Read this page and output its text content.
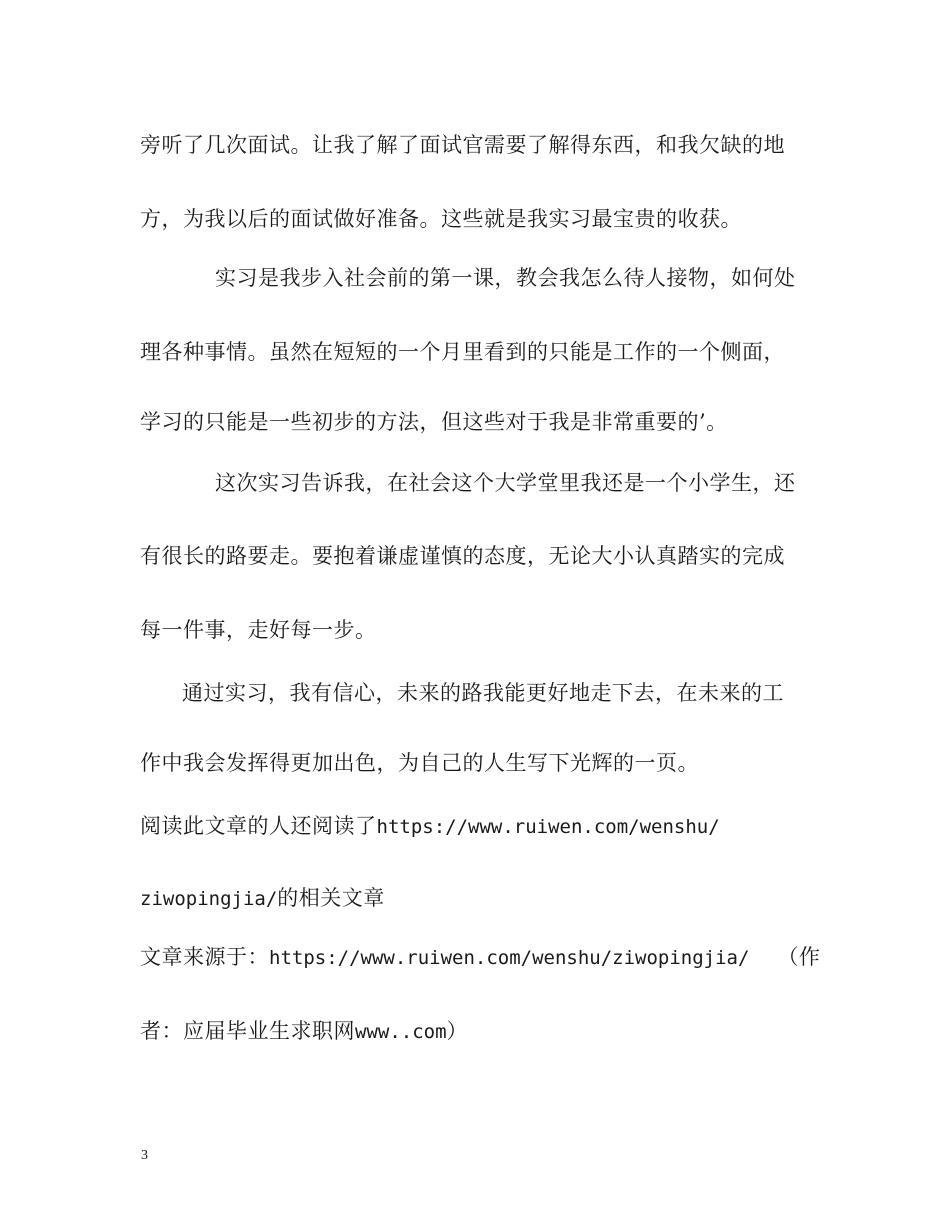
旁听了几次面试。让我了解了面试官需要了解得东西，和我欠缺的地
方，为我以后的面试做好准备。这些就是我实习最宝贵的收获。
实习是我步入社会前的第一课，教会我怎么待人接物，如何处
理各种事情。虽然在短短的一个月里看到的只能是工作的一个侧面，
学习的只能是一些初步的方法，但这些对于我是非常重要的’。
这次实习告诉我，在社会这个大学堂里我还是一个小学生，还
有很长的路要走。要抱着谦虚谨慎的态度，无论大小认真踏实的完成
每一件事，走好每一步。
通过实习，我有信心，未来的路我能更好地走下去，在未来的工
作中我会发挥得更加出色，为自己的人生写下光辉的一页。
阅读此文章的人还阅读了https://www.ruiwen.com/wenshu/
ziwopingjia/的相关文章
文章来源于：https://www.ruiwen.com/wenshu/ziwopingjia/ （作
者：应届毕业生求职网www..com）
3
